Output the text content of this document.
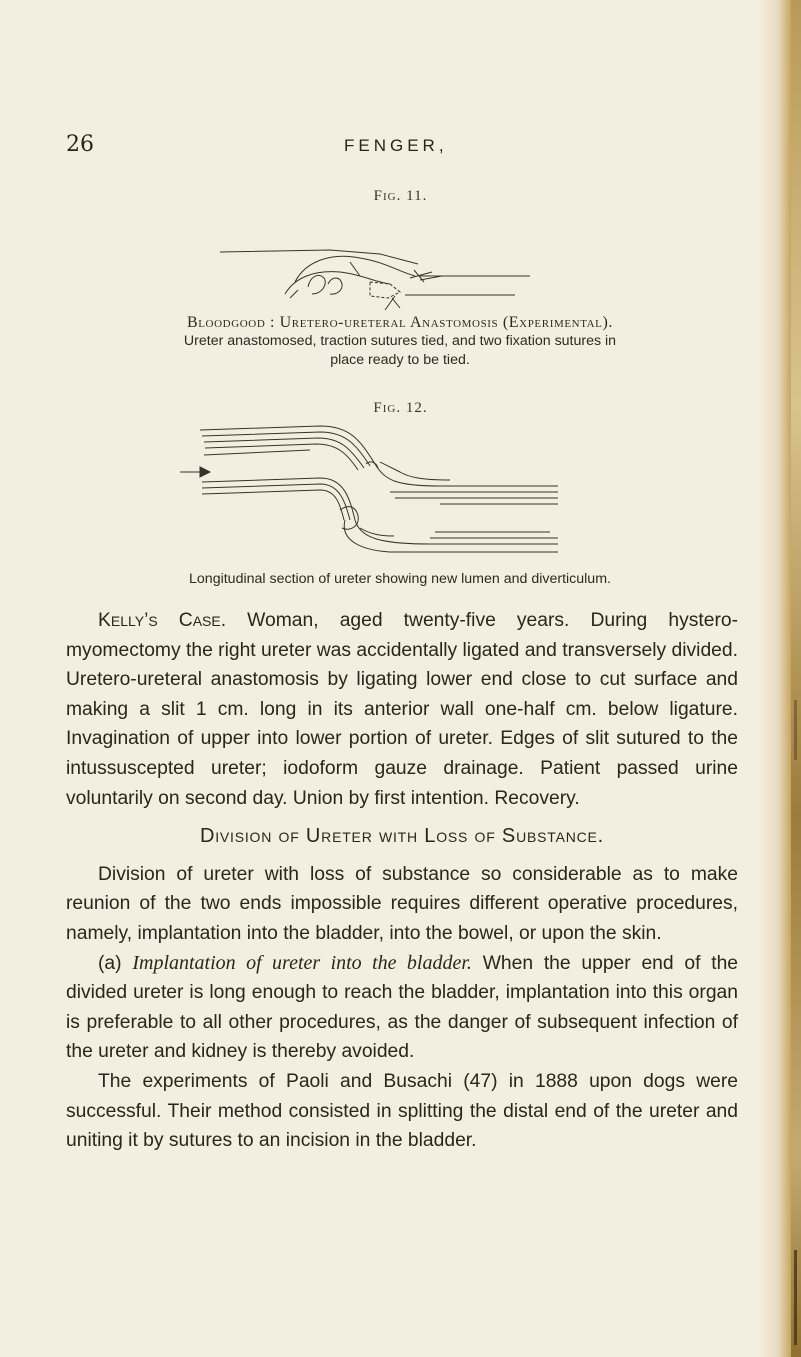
26	FENGER,
Fig. 11.
Bloodgood : Uretero-ureteral Anastomosis (Experimental).
Ureter anastomosed, traction sutures tied, and two fixation sutures in
place ready to be tied.
Fig. 12.
Longitudinal section of ureter showing new lumen and diverticulum.

Kelly’s Case. Woman, aged twenty-five years. During hystero-myomectomy the right ureter was accidentally ligated and transversely divided. Uretero-ureteral anastomosis by ligating lower end close to cut surface and making a slit 1 cm. long in its anterior wall one-half cm. below ligature. Invagination of upper into lower portion of ureter. Edges of slit sutured to the intussuscepted ureter; iodoform gauze drainage. Patient passed urine voluntarily on second day. Union by first intention. Recovery.

Division of Ureter with Loss of Substance.

Division of ureter with loss of substance so considerable as to make reunion of the two ends impossible requires different operative procedures, namely, implantation into the bladder, into the bowel, or upon the skin.

(a) Implantation of ureter into the bladder. When the upper end of the divided ureter is long enough to reach the bladder, implantation into this organ is preferable to all other procedures, as the danger of subsequent infection of the ureter and kidney is thereby avoided.

The experiments of Paoli and Busachi (47) in 1888 upon dogs were successful. Their method consisted in splitting the distal end of the ureter and uniting it by sutures to an incision in the bladder.
